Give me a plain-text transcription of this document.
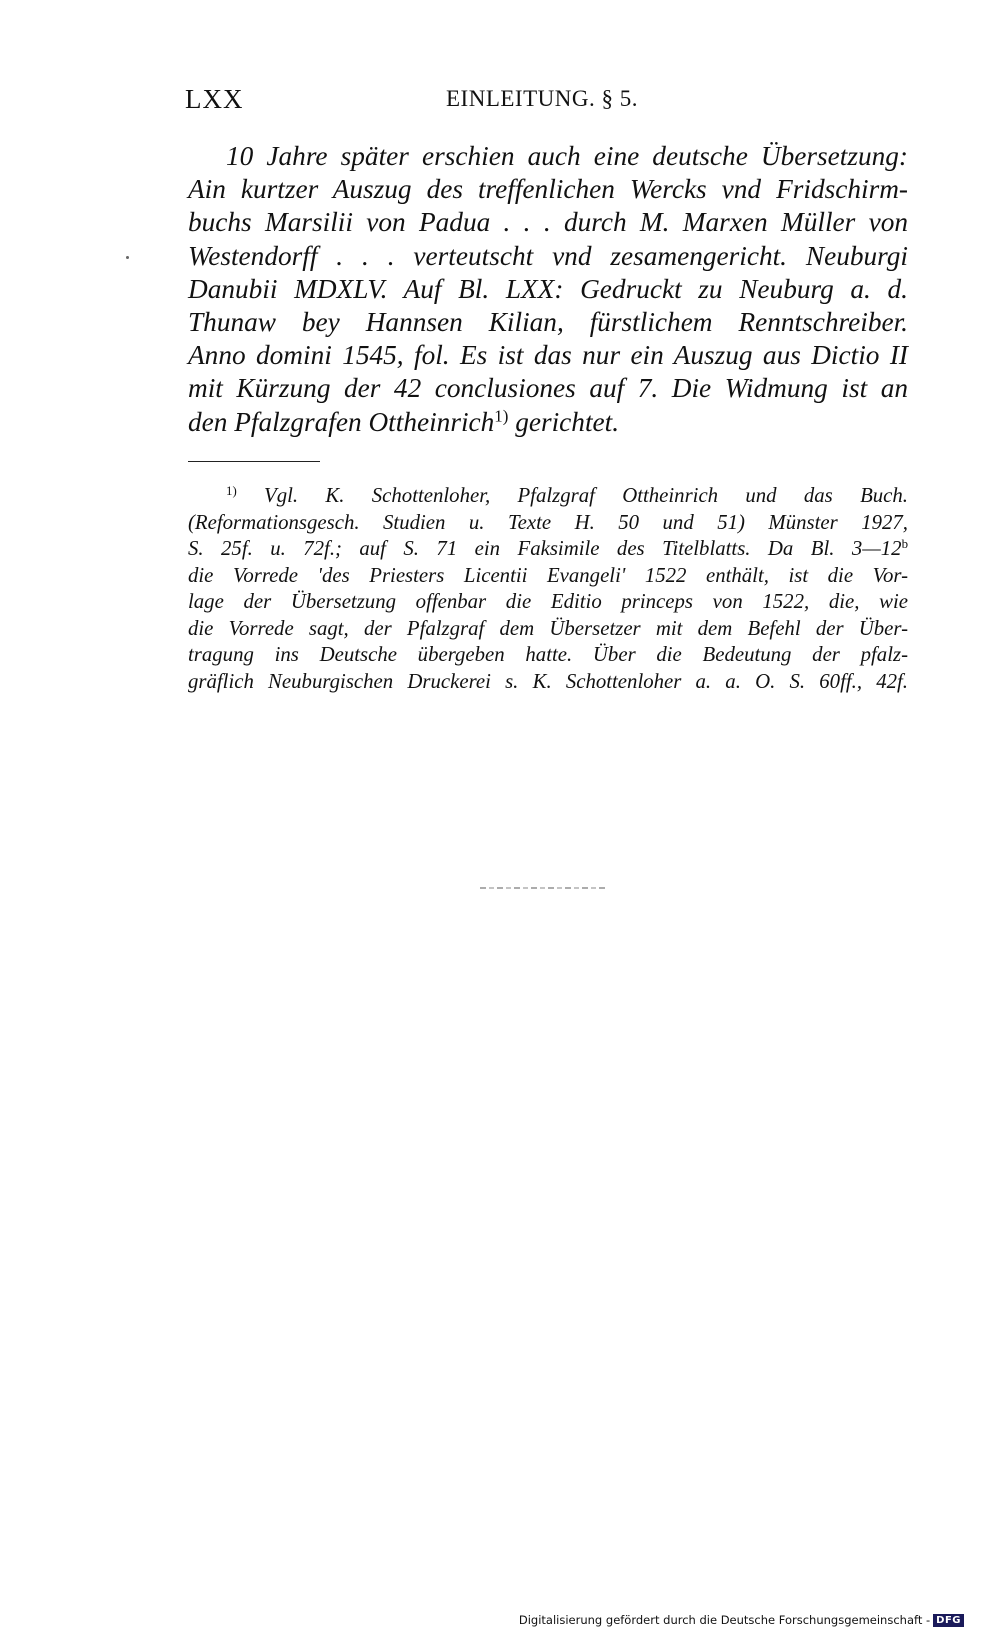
LXX	EINLEITUNG. § 5.
10 Jahre später erschien auch eine deutsche Übersetzung:
Ain kurtzer Auszug des treffenlichen Wercks vnd Fridschirm-
buchs Marsilii von Padua . . . durch M. Marxen Müller von
Westendorff . . . verteutscht vnd zesamengericht. Neuburgi
Danubii MDXLV. Auf Bl. LXX: Gedruckt zu Neuburg a. d.
Thunaw bey Hannsen Kilian, fürstlichem Renntschreiber.
Anno domini 1545, fol. Es ist das nur ein Auszug aus Dictio II
mit Kürzung der 42 conclusiones auf 7. Die Widmung ist an
den Pfalzgrafen Ottheinrich$^{1)}$ gerichtet.
$^{1)}$ Vgl. K. Schottenloher, Pfalzgraf Ottheinrich und das Buch.
(Reformationsgesch. Studien u. Texte H. 50 und 51) Münster 1927,
S. 25f. u. 72f.; auf S. 71 ein Faksimile des Titelblatts. Da Bl. 3—12$^b$
die Vorrede 'des Priesters Licentii Evangeli' 1522 enthält, ist die Vor-
lage der Übersetzung offenbar die Editio princeps von 1522, die, wie
die Vorrede sagt, der Pfalzgraf dem Übersetzer mit dem Befehl der Über-
tragung ins Deutsche übergeben hatte. Über die Bedeutung der pfalz-
gräflich Neuburgischen Druckerei s. K. Schottenloher a. a. O. S. 60ff., 42f.
Digitalisierung gefördert durch die Deutsche Forschungsgemeinschaft - DFG
